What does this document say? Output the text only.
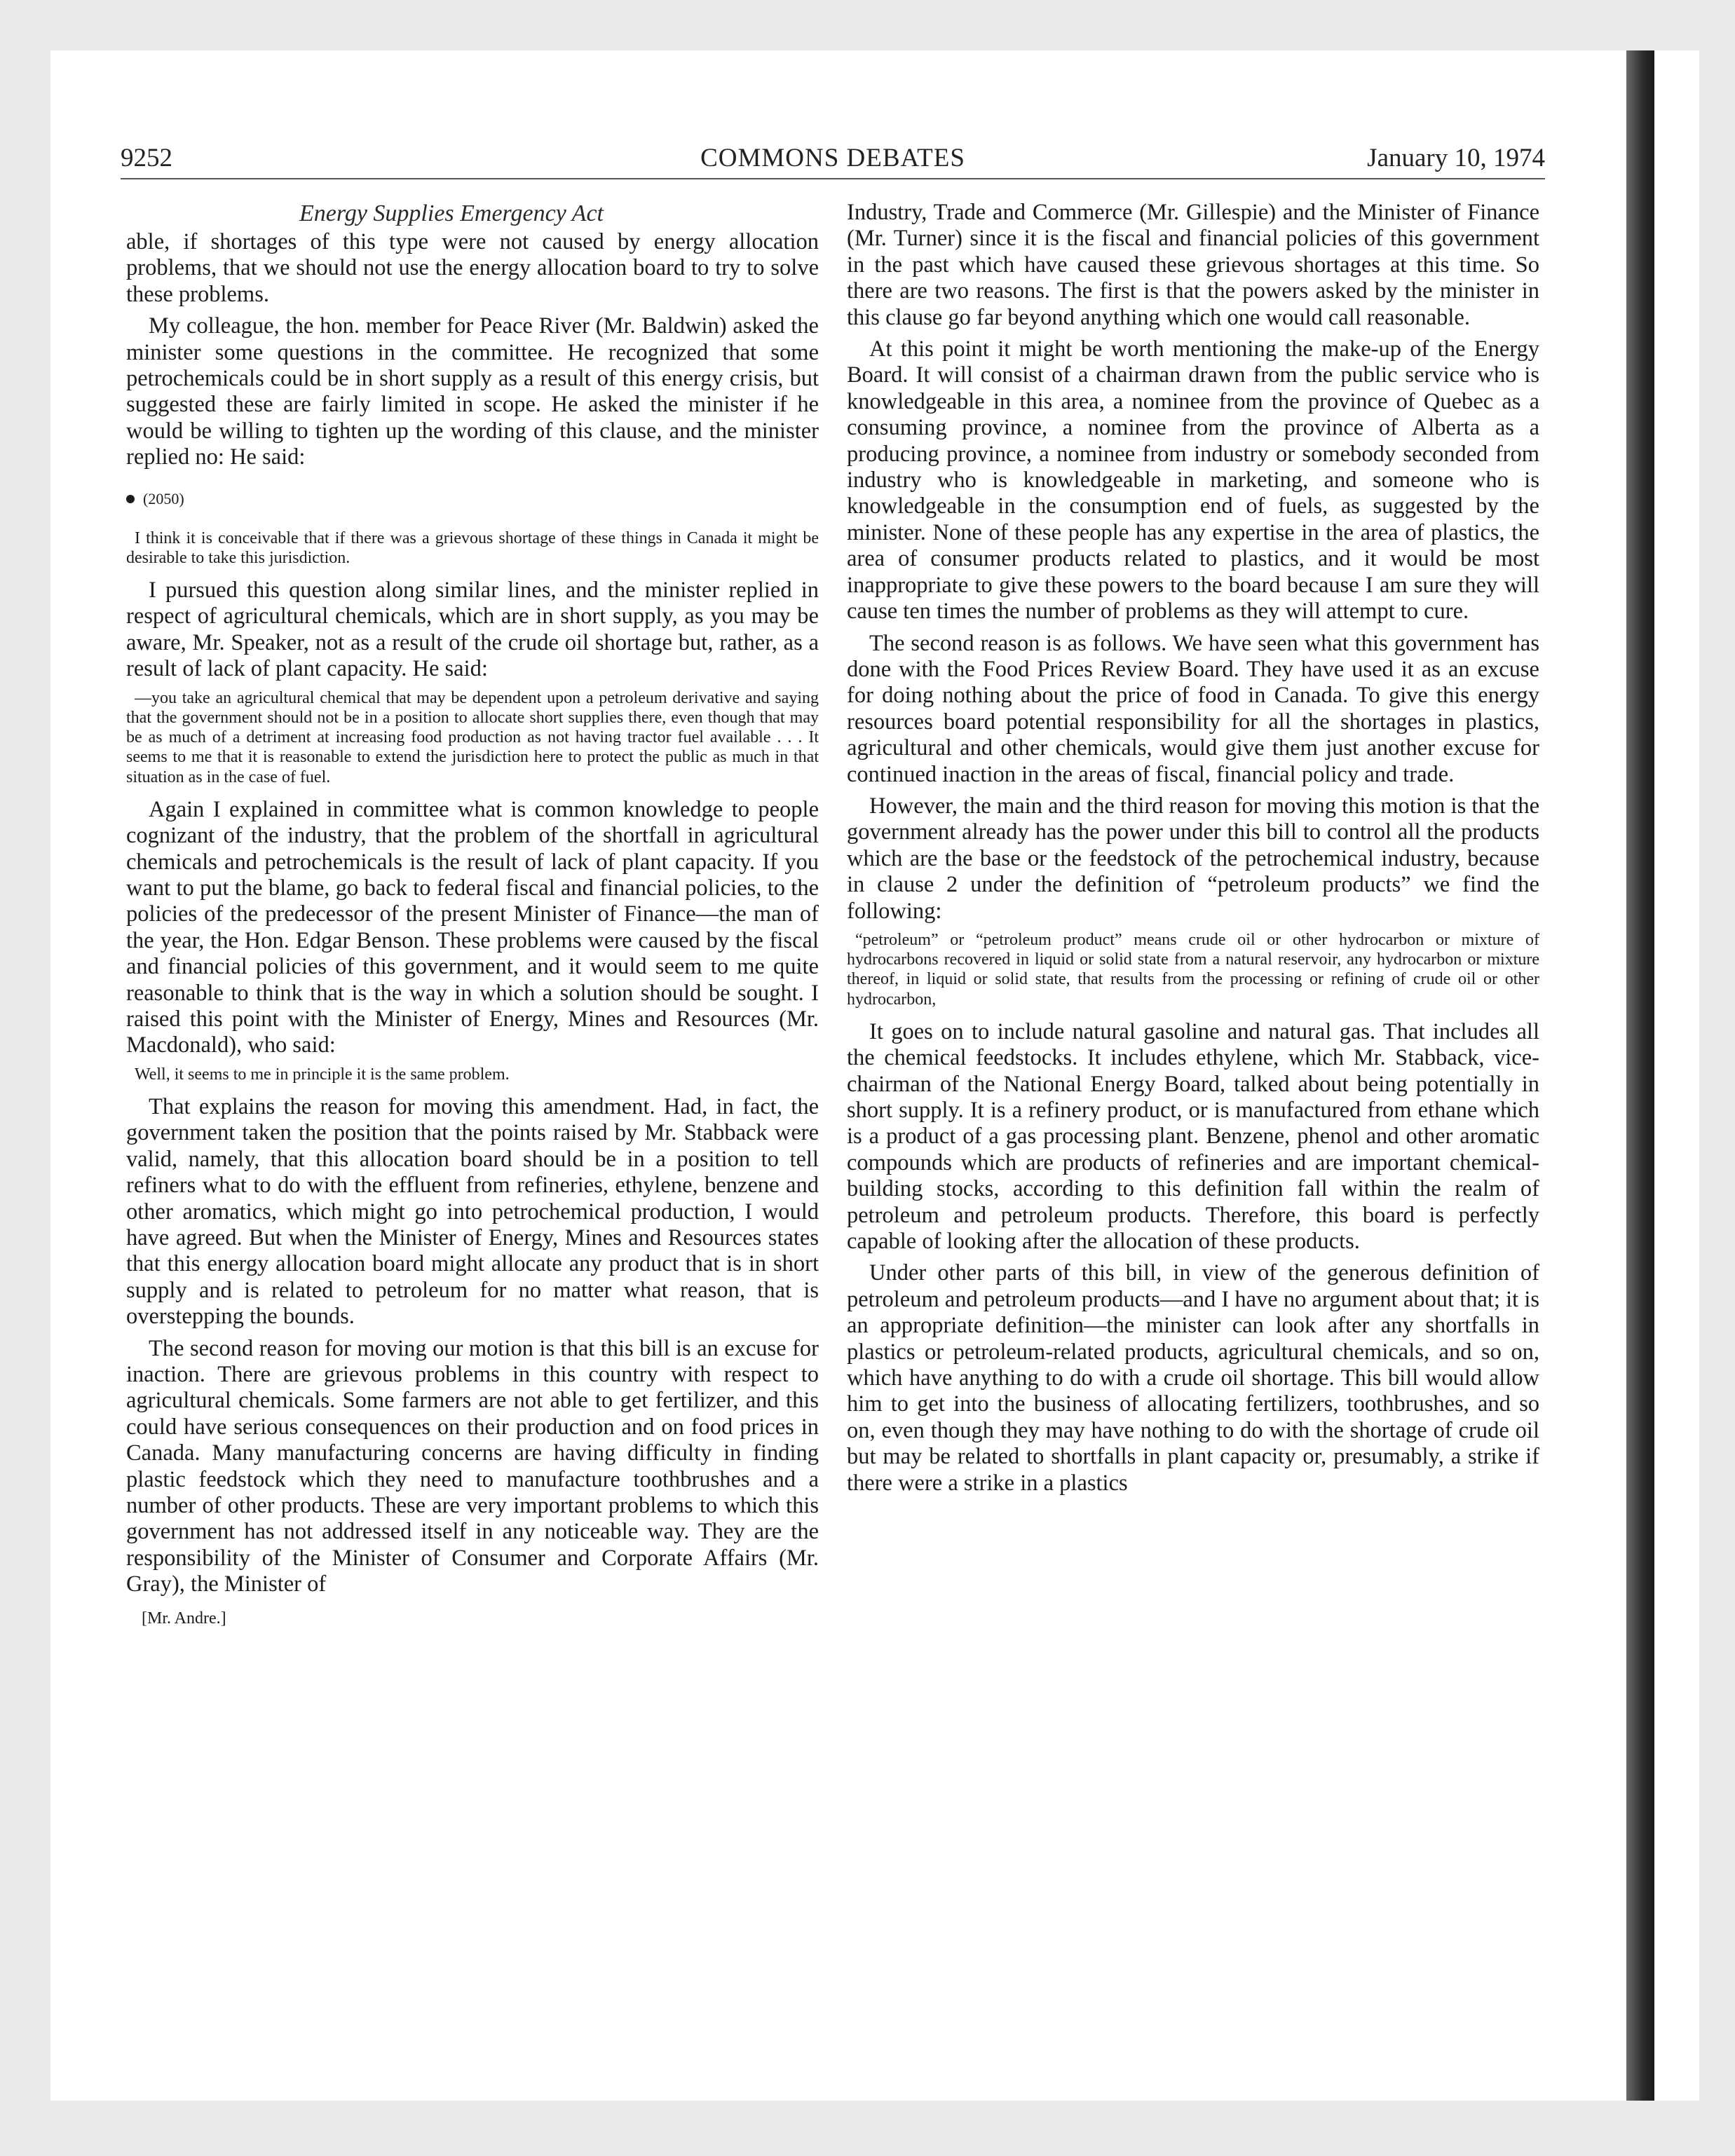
9252	COMMONS DEBATES	January 10, 1974
Energy Supplies Emergency Act

able, if shortages of this type were not caused by energy allocation problems, that we should not use the energy allocation board to try to solve these problems.

My colleague, the hon. member for Peace River (Mr. Baldwin) asked the minister some questions in the committee. He recognized that some petrochemicals could be in short supply as a result of this energy crisis, but suggested these are fairly limited in scope. He asked the minister if he would be willing to tighten up the wording of this clause, and the minister replied no: He said:

(2050)

I think it is conceivable that if there was a grievous shortage of these things in Canada it might be desirable to take this jurisdiction.

I pursued this question along similar lines, and the minister replied in respect of agricultural chemicals, which are in short supply, as you may be aware, Mr. Speaker, not as a result of the crude oil shortage but, rather, as a result of lack of plant capacity. He said:

—you take an agricultural chemical that may be dependent upon a petroleum derivative and saying that the government should not be in a position to allocate short supplies there, even though that may be as much of a detriment at increasing food production as not having tractor fuel available . . . It seems to me that it is reasonable to extend the jurisdiction here to protect the public as much in that situation as in the case of fuel.

Again I explained in committee what is common knowledge to people cognizant of the industry, that the problem of the shortfall in agricultural chemicals and petrochemicals is the result of lack of plant capacity. If you want to put the blame, go back to federal fiscal and financial policies, to the policies of the predecessor of the present Minister of Finance—the man of the year, the Hon. Edgar Benson. These problems were caused by the fiscal and financial policies of this government, and it would seem to me quite reasonable to think that is the way in which a solution should be sought. I raised this point with the Minister of Energy, Mines and Resources (Mr. Macdonald), who said:

Well, it seems to me in principle it is the same problem.

That explains the reason for moving this amendment. Had, in fact, the government taken the position that the points raised by Mr. Stabback were valid, namely, that this allocation board should be in a position to tell refiners what to do with the effluent from refineries, ethylene, benzene and other aromatics, which might go into petrochemical production, I would have agreed. But when the Minister of Energy, Mines and Resources states that this energy allocation board might allocate any product that is in short supply and is related to petroleum for no matter what reason, that is overstepping the bounds.

The second reason for moving our motion is that this bill is an excuse for inaction. There are grievous problems in this country with respect to agricultural chemicals. Some farmers are not able to get fertilizer, and this could have serious consequences on their production and on food prices in Canada. Many manufacturing concerns are having difficulty in finding plastic feedstock which they need to manufacture toothbrushes and a number of other products. These are very important problems to which this government has not addressed itself in any noticeable way. They are the responsibility of the Minister of Consumer and Corporate Affairs (Mr. Gray), the Minister of

[Mr. Andre.]

Industry, Trade and Commerce (Mr. Gillespie) and the Minister of Finance (Mr. Turner) since it is the fiscal and financial policies of this government in the past which have caused these grievous shortages at this time. So there are two reasons. The first is that the powers asked by the minister in this clause go far beyond anything which one would call reasonable.

At this point it might be worth mentioning the make-up of the Energy Board. It will consist of a chairman drawn from the public service who is knowledgeable in this area, a nominee from the province of Quebec as a consuming province, a nominee from the province of Alberta as a producing province, a nominee from industry or somebody seconded from industry who is knowledgeable in marketing, and someone who is knowledgeable in the consumption end of fuels, as suggested by the minister. None of these people has any expertise in the area of plastics, the area of consumer products related to plastics, and it would be most inappropriate to give these powers to the board because I am sure they will cause ten times the number of problems as they will attempt to cure.

The second reason is as follows. We have seen what this government has done with the Food Prices Review Board. They have used it as an excuse for doing nothing about the price of food in Canada. To give this energy resources board potential responsibility for all the shortages in plastics, agricultural and other chemicals, would give them just another excuse for continued inaction in the areas of fiscal, financial policy and trade.

However, the main and the third reason for moving this motion is that the government already has the power under this bill to control all the products which are the base or the feedstock of the petrochemical industry, because in clause 2 under the definition of “petroleum products” we find the following:

“petroleum” or “petroleum product” means crude oil or other hydrocarbon or mixture of hydrocarbons recovered in liquid or solid state from a natural reservoir, any hydrocarbon or mixture thereof, in liquid or solid state, that results from the processing or refining of crude oil or other hydrocarbon,

It goes on to include natural gasoline and natural gas. That includes all the chemical feedstocks. It includes ethylene, which Mr. Stabback, vice-chairman of the National Energy Board, talked about being potentially in short supply. It is a refinery product, or is manufactured from ethane which is a product of a gas processing plant. Benzene, phenol and other aromatic compounds which are products of refineries and are important chemical-building stocks, according to this definition fall within the realm of petroleum and petroleum products. Therefore, this board is perfectly capable of looking after the allocation of these products.

Under other parts of this bill, in view of the generous definition of petroleum and petroleum products—and I have no argument about that; it is an appropriate definition—the minister can look after any shortfalls in plastics or petroleum-related products, agricultural chemicals, and so on, which have anything to do with a crude oil shortage. This bill would allow him to get into the business of allocating fertilizers, toothbrushes, and so on, even though they may have nothing to do with the shortage of crude oil but may be related to shortfalls in plant capacity or, presumably, a strike if there were a strike in a plastics
